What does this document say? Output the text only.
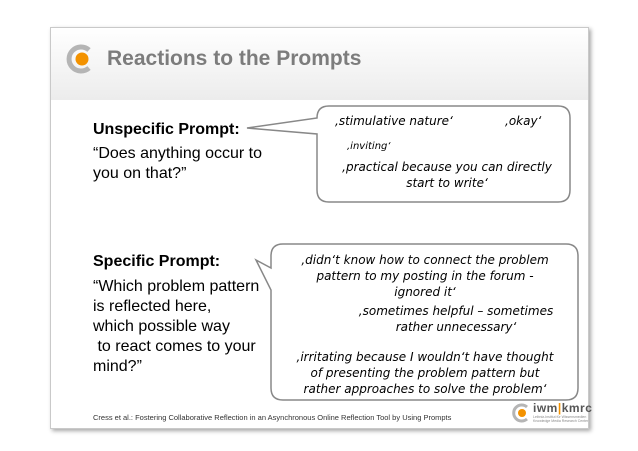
Reactions to the Prompts
Unspecific Prompt:
“Does anything occur to
you on that?”
‚stimulative nature‘	‚okay‘
‚inviting‘
‚practical because you can directly
start to write‘
Specific Prompt:
“Which problem pattern
is reflected here,
which possible way
to react comes to your
mind?”
‚didn‘t know how to connect the problem
pattern to my posting in the forum -
ignored it‘
‚sometimes helpful – sometimes
rather unnecessary‘
‚irritating because I wouldn‘t have thought
of presenting the problem pattern but
rather approaches to solve the problem‘
Cress et al.: Fostering Collaborative Reflection in an Asynchronous Online Reflection Tool by Using Prompts
iwm|kmrc
Leibniz-Institut für Wissensmedien
Knowledge Media Research Center
